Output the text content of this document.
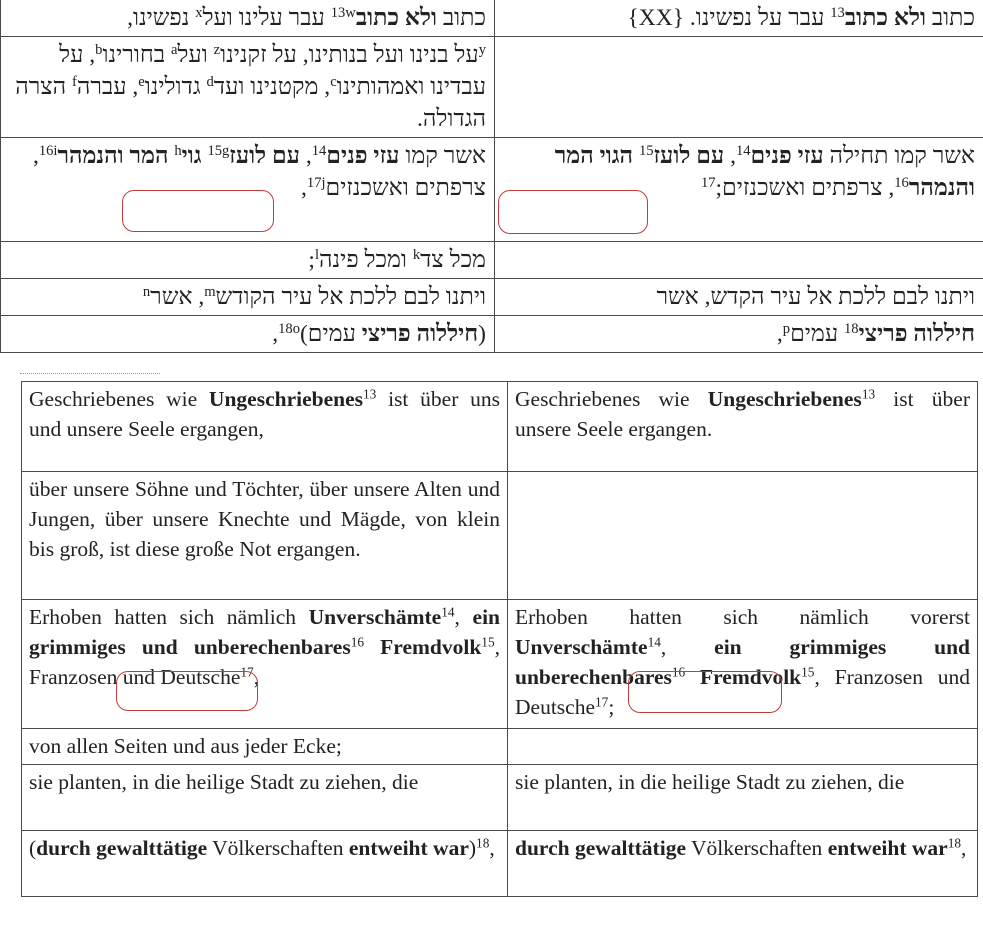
כתוב ולא כתוב$^{13w}$ עבר עלינו ועל$^x$ נפשינו,	כתוב ולא כתוב$^{13}$ עבר על נפשינו. {XX}
$^y$על בנינו ועל בנותינו, על זקנינו$^z$ ועל$^a$ בחורינו$^b$, על עבדינו ואמהותינו$^c$, מקטנינו ועד$^d$ גדולינו$^e$, עברה$^f$ הצרה הגדולה.	
אשר קמו עזי פנים$^{14}$, עם לועז$^{15g}$ גוי$^h$ המר והנמהר$^{16i}$, צרפתים ואשכנזים$^{17j}$,	אשר קמו תחילה עזי פנים$^{14}$, עם לועז$^{15}$ הגוי המר והנמהר$^{16}$, צרפתים ואשכנזים;$^{17}$
מכל צד$^k$ ומכל פינה$^l$;	
ויתנו לבם ללכת אל עיר הקודש$^m$, אשר$^n$	ויתנו לבם ללכת אל עיר הקדש, אשר
(חיללוה פריצי עמים)$^{18o}$,	חיללוה פריצי$^{18}$ עמים$^p$,
Geschriebenes wie Ungeschriebenes$^{13}$ ist über uns und unsere Seele ergangen,	Geschriebenes wie Ungeschriebenes$^{13}$ ist über unsere Seele ergangen.
über unsere Söhne und Töchter, über unsere Alten und Jungen, über unsere Knechte und Mägde, von klein bis groß, ist diese große Not ergangen.	
Erhoben hatten sich nämlich Unverschämte$^{14}$, ein grimmiges und unberechenbares$^{16}$ Fremdvolk$^{15}$, Franzosen und Deutsche$^{17}$,	Erhoben hatten sich nämlich vorerst Unverschämte$^{14}$, ein grimmiges und unberechenbares$^{16}$ Fremdvolk$^{15}$, Franzosen und Deutsche$^{17}$;
von allen Seiten und aus jeder Ecke;	
sie planten, in die heilige Stadt zu ziehen, die	sie planten, in die heilige Stadt zu ziehen, die
(durch gewalttätige Völkerschaften entweiht war)$^{18}$,	durch gewalttätige Völkerschaften entweiht war$^{18}$,
